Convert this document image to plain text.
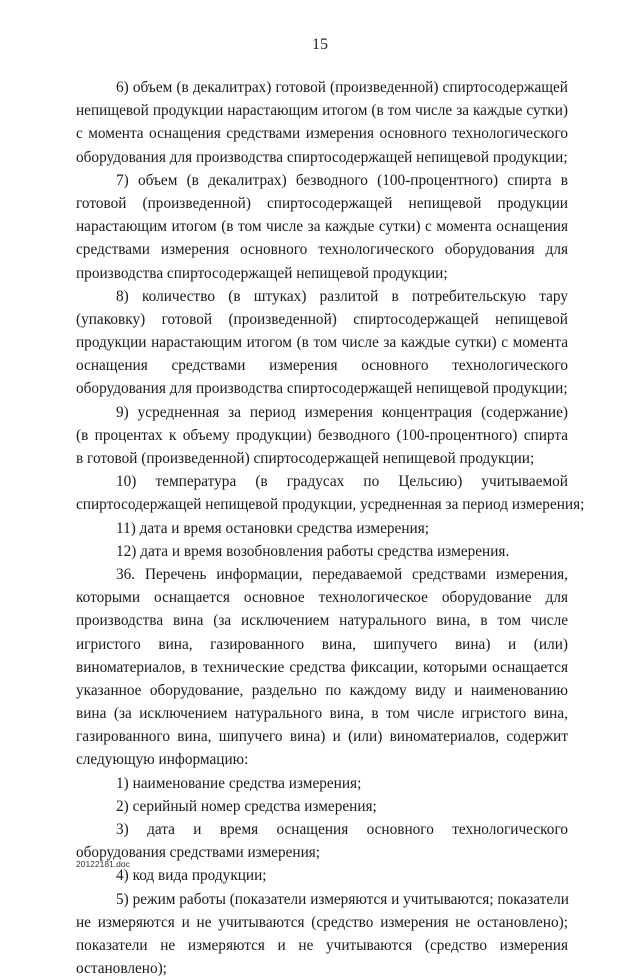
15
6) объем (в декалитрах) готовой (произведенной) спиртосодержащей
непищевой продукции нарастающим итогом (в том числе за каждые сутки)
с момента оснащения средствами измерения основного технологического
оборудования для производства спиртосодержащей непищевой продукции;
7) объем (в декалитрах) безводного (100-процентного) спирта в
готовой (произведенной) спиртосодержащей непищевой продукции
нарастающим итогом (в том числе за каждые сутки) с момента оснащения
средствами измерения основного технологического оборудования для
производства спиртосодержащей непищевой продукции;
8) количество (в штуках) разлитой в потребительскую тару
(упаковку) готовой (произведенной) спиртосодержащей непищевой
продукции нарастающим итогом (в том числе за каждые сутки) с момента
оснащения средствами измерения основного технологического
оборудования для производства спиртосодержащей непищевой продукции;
9) усредненная за период измерения концентрация (содержание)
(в процентах к объему продукции) безводного (100-процентного) спирта
в готовой (произведенной) спиртосодержащей непищевой продукции;
10) температура (в градусах по Цельсию) учитываемой
спиртосодержащей непищевой продукции, усредненная за период измерения;
11) дата и время остановки средства измерения;
12) дата и время возобновления работы средства измерения.
36. Перечень информации, передаваемой средствами измерения,
которыми оснащается основное технологическое оборудование для
производства вина (за исключением натурального вина, в том числе
игристого вина, газированного вина, шипучего вина) и (или)
виноматериалов, в технические средства фиксации, которыми оснащается
указанное оборудование, раздельно по каждому виду и наименованию
вина (за исключением натурального вина, в том числе игристого вина,
газированного вина, шипучего вина) и (или) виноматериалов, содержит
следующую информацию:
1) наименование средства измерения;
2) серийный номер средства измерения;
3) дата и время оснащения основного технологического
оборудования средствами измерения;
4) код вида продукции;
5) режим работы (показатели измеряются и учитываются; показатели
не измеряются и не учитываются (средство измерения не остановлено);
показатели не измеряются и не учитываются (средство измерения
остановлено);
20122181.doc
